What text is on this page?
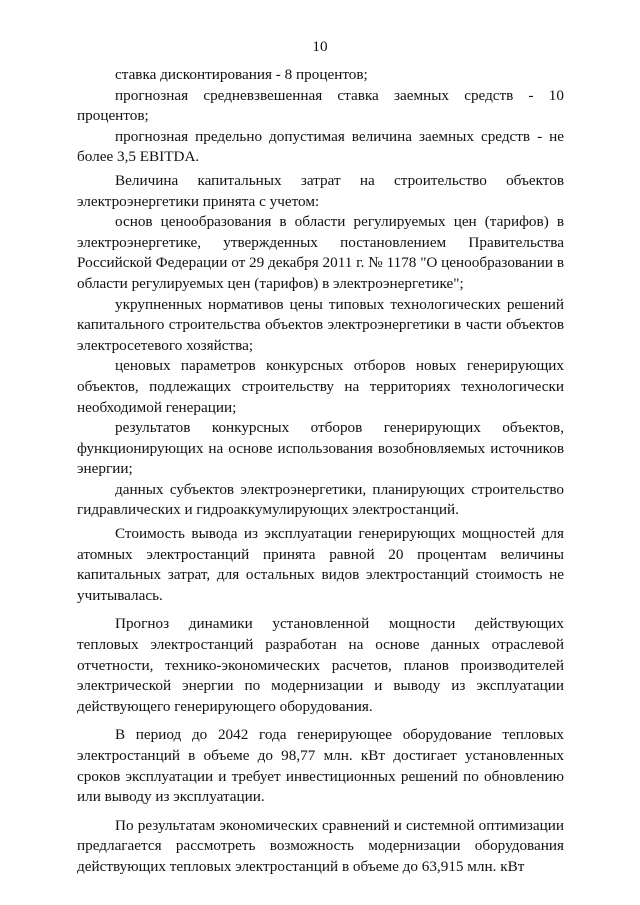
10

ставка дисконтирования - 8 процентов;

прогнозная средневзвешенная ставка заемных средств - 10 процентов;

прогнозная предельно допустимая величина заемных средств - не более 3,5 EBITDA.

Величина капитальных затрат на строительство объектов электроэнергетики принята с учетом:

основ ценообразования в области регулируемых цен (тарифов) в электроэнергетике, утвержденных постановлением Правительства Российской Федерации от 29 декабря 2011 г. № 1178 "О ценообразовании в области регулируемых цен (тарифов) в электроэнергетике";

укрупненных нормативов цены типовых технологических решений капитального строительства объектов электроэнергетики в части объектов электросетевого хозяйства;

ценовых параметров конкурсных отборов новых генерирующих объектов, подлежащих строительству на территориях технологически необходимой генерации;

результатов конкурсных отборов генерирующих объектов, функционирующих на основе использования возобновляемых источников энергии;

данных субъектов электроэнергетики, планирующих строительство гидравлических и гидроаккумулирующих электростанций.

Стоимость вывода из эксплуатации генерирующих мощностей для атомных электростанций принята равной 20 процентам величины капитальных затрат, для остальных видов электростанций стоимость не учитывалась.

Прогноз динамики установленной мощности действующих тепловых электростанций разработан на основе данных отраслевой отчетности, технико-экономических расчетов, планов производителей электрической энергии по модернизации и выводу из эксплуатации действующего генерирующего оборудования.

В период до 2042 года генерирующее оборудование тепловых электростанций в объеме до 98,77 млн. кВт достигает установленных сроков эксплуатации и требует инвестиционных решений по обновлению или выводу из эксплуатации.

По результатам экономических сравнений и системной оптимизации предлагается рассмотреть возможность модернизации оборудования действующих тепловых электростанций в объеме до 63,915 млн. кВт
